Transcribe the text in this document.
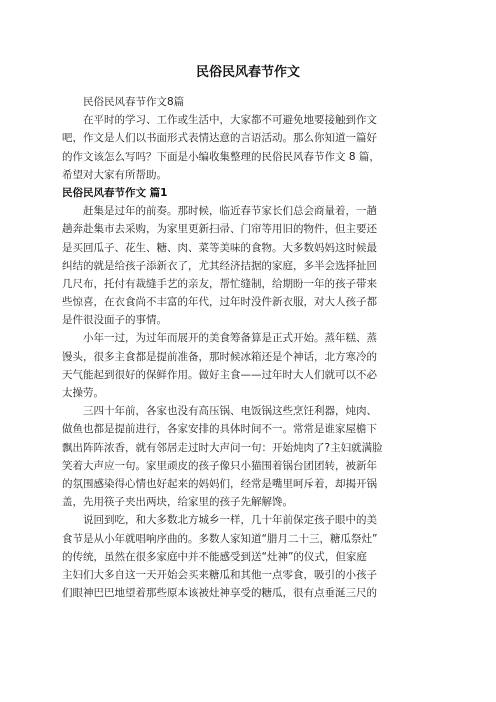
民俗民风春节作文
　　民俗民风春节作文8篇
　　在平时的学习、工作或生活中，大家都不可避免地要接触到作文
吧，作文是人们以书面形式表情达意的言语活动。那么你知道一篇好
的作文该怎么写吗？下面是小编收集整理的民俗民风春节作文 8 篇，
希望对大家有所帮助。
民俗民风春节作文 篇1
　　赶集是过年的前奏。那时候，临近春节家长们总会商量着，一趟
趟奔赴集市去采购，为家里更新扫帚、门帘等用旧的物件，但主要还
是买回瓜子、花生、糖、肉、菜等美味的食物。大多数妈妈这时候最
纠结的就是给孩子添新衣了，尤其经济拮据的家庭，多半会选择扯回
几尺布，托付有裁缝手艺的亲友，帮忙缝制，给期盼一年的孩子带来
些惊喜，在衣食尚不丰富的年代，过年时没件新衣服，对大人孩子都
是件很没面子的事情。
　　小年一过，为过年而展开的美食筹备算是正式开始。蒸年糕、蒸
馒头，很多主食都是提前准备，那时候冰箱还是个神话，北方寒冷的
天气能起到很好的保鲜作用。做好主食——过年时大人们就可以不必
太操劳。
　　三四十年前，各家也没有高压锅、电饭锅这些烹饪利器，炖肉、
做鱼也都是提前进行，各家安排的具体时间不一。常常是谁家屋檐下
飘出阵阵浓香，就有邻居走过时大声问一句：开始炖肉了?主妇就满脸
笑着大声应一句。家里顽皮的孩子像只小猫围着锅台团团转，被新年
的氛围感染得心情也好起来的妈妈们，经常是嘴里呵斥着，却揭开锅
盖，先用筷子夹出两块，给家里的孩子先解解馋。
　　说回到吃，和大多数北方城乡一样，几十年前保定孩子眼中的美
食节是从小年就唱响序曲的。多数人家知道“腊月二十三，糖瓜祭灶”
的传统，虽然在很多家庭中并不能感受到送“灶神”的仪式，但家庭
主妇们大多自这一天开始会买来糖瓜和其他一点零食，吸引的小孩子
们眼神巴巴地望着那些原本该被灶神享受的糖瓜，很有点垂涎三尺的
